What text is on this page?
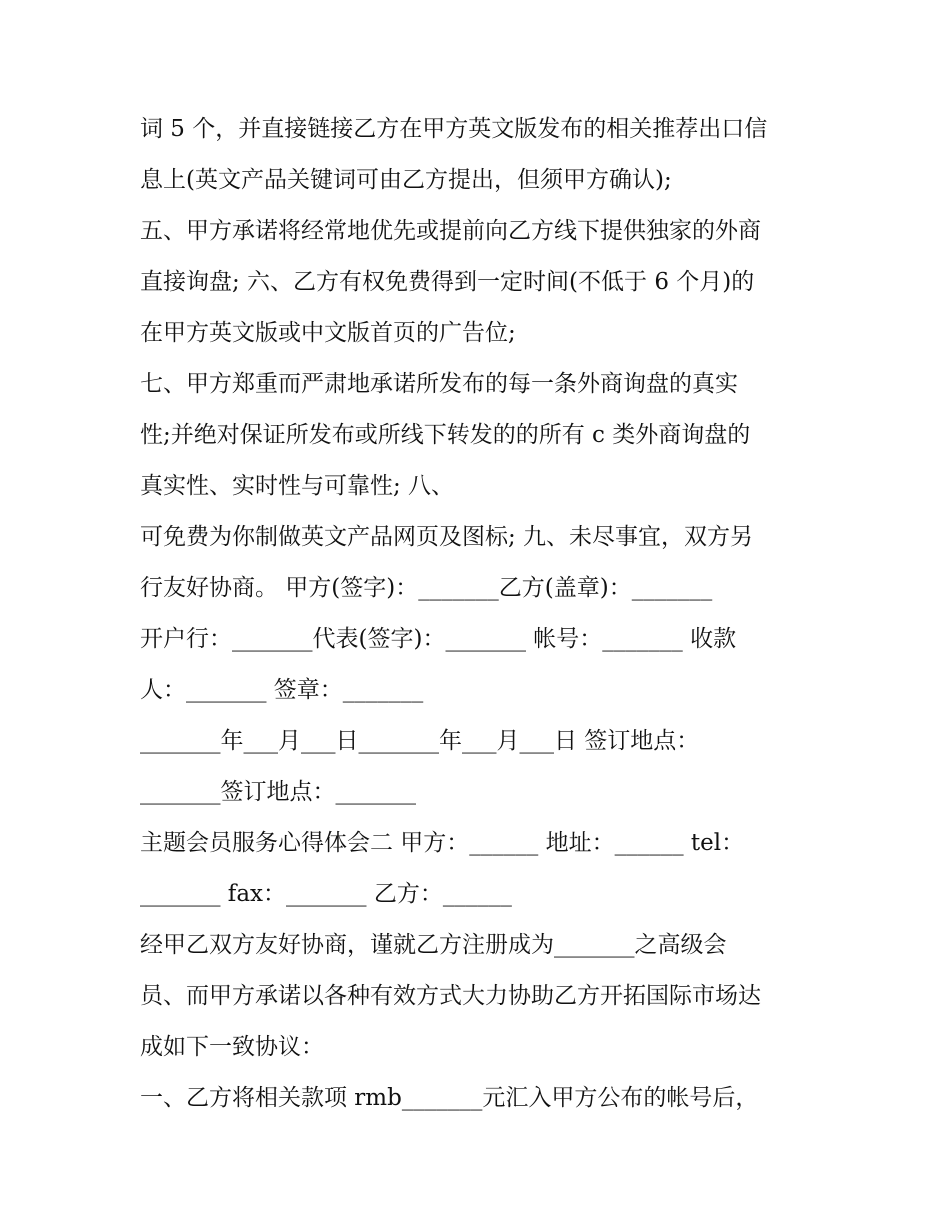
词 5 个，并直接链接乙方在甲方英文版发布的相关推荐出口信
息上(英文产品关键词可由乙方提出，但须甲方确认);
五、甲方承诺将经常地优先或提前向乙方线下提供独家的外商
直接询盘; 六、乙方有权免费得到一定时间(不低于 6 个月)的
在甲方英文版或中文版首页的广告位;
七、甲方郑重而严肃地承诺所发布的每一条外商询盘的真实
性;并绝对保证所发布或所线下转发的的所有 c 类外商询盘的
真实性、实时性与可靠性; 八、
可免费为你制做英文产品网页及图标; 九、未尽事宜，双方另
行友好协商。 甲方(签字)：_______乙方(盖章)：_______
开户行：_______代表(签字)：_______ 帐号：_______ 收款
人：_______ 签章：_______
_______年___月___日_______年___月___日 签订地点：
_______签订地点：_______
主题会员服务心得体会二 甲方：______ 地址：______ tel：
_______ fax：_______ 乙方：______
经甲乙双方友好协商，谨就乙方注册成为_______之高级会
员、而甲方承诺以各种有效方式大力协助乙方开拓国际市场达
成如下一致协议：
一、乙方将相关款项 rmb_______元汇入甲方公布的帐号后，
